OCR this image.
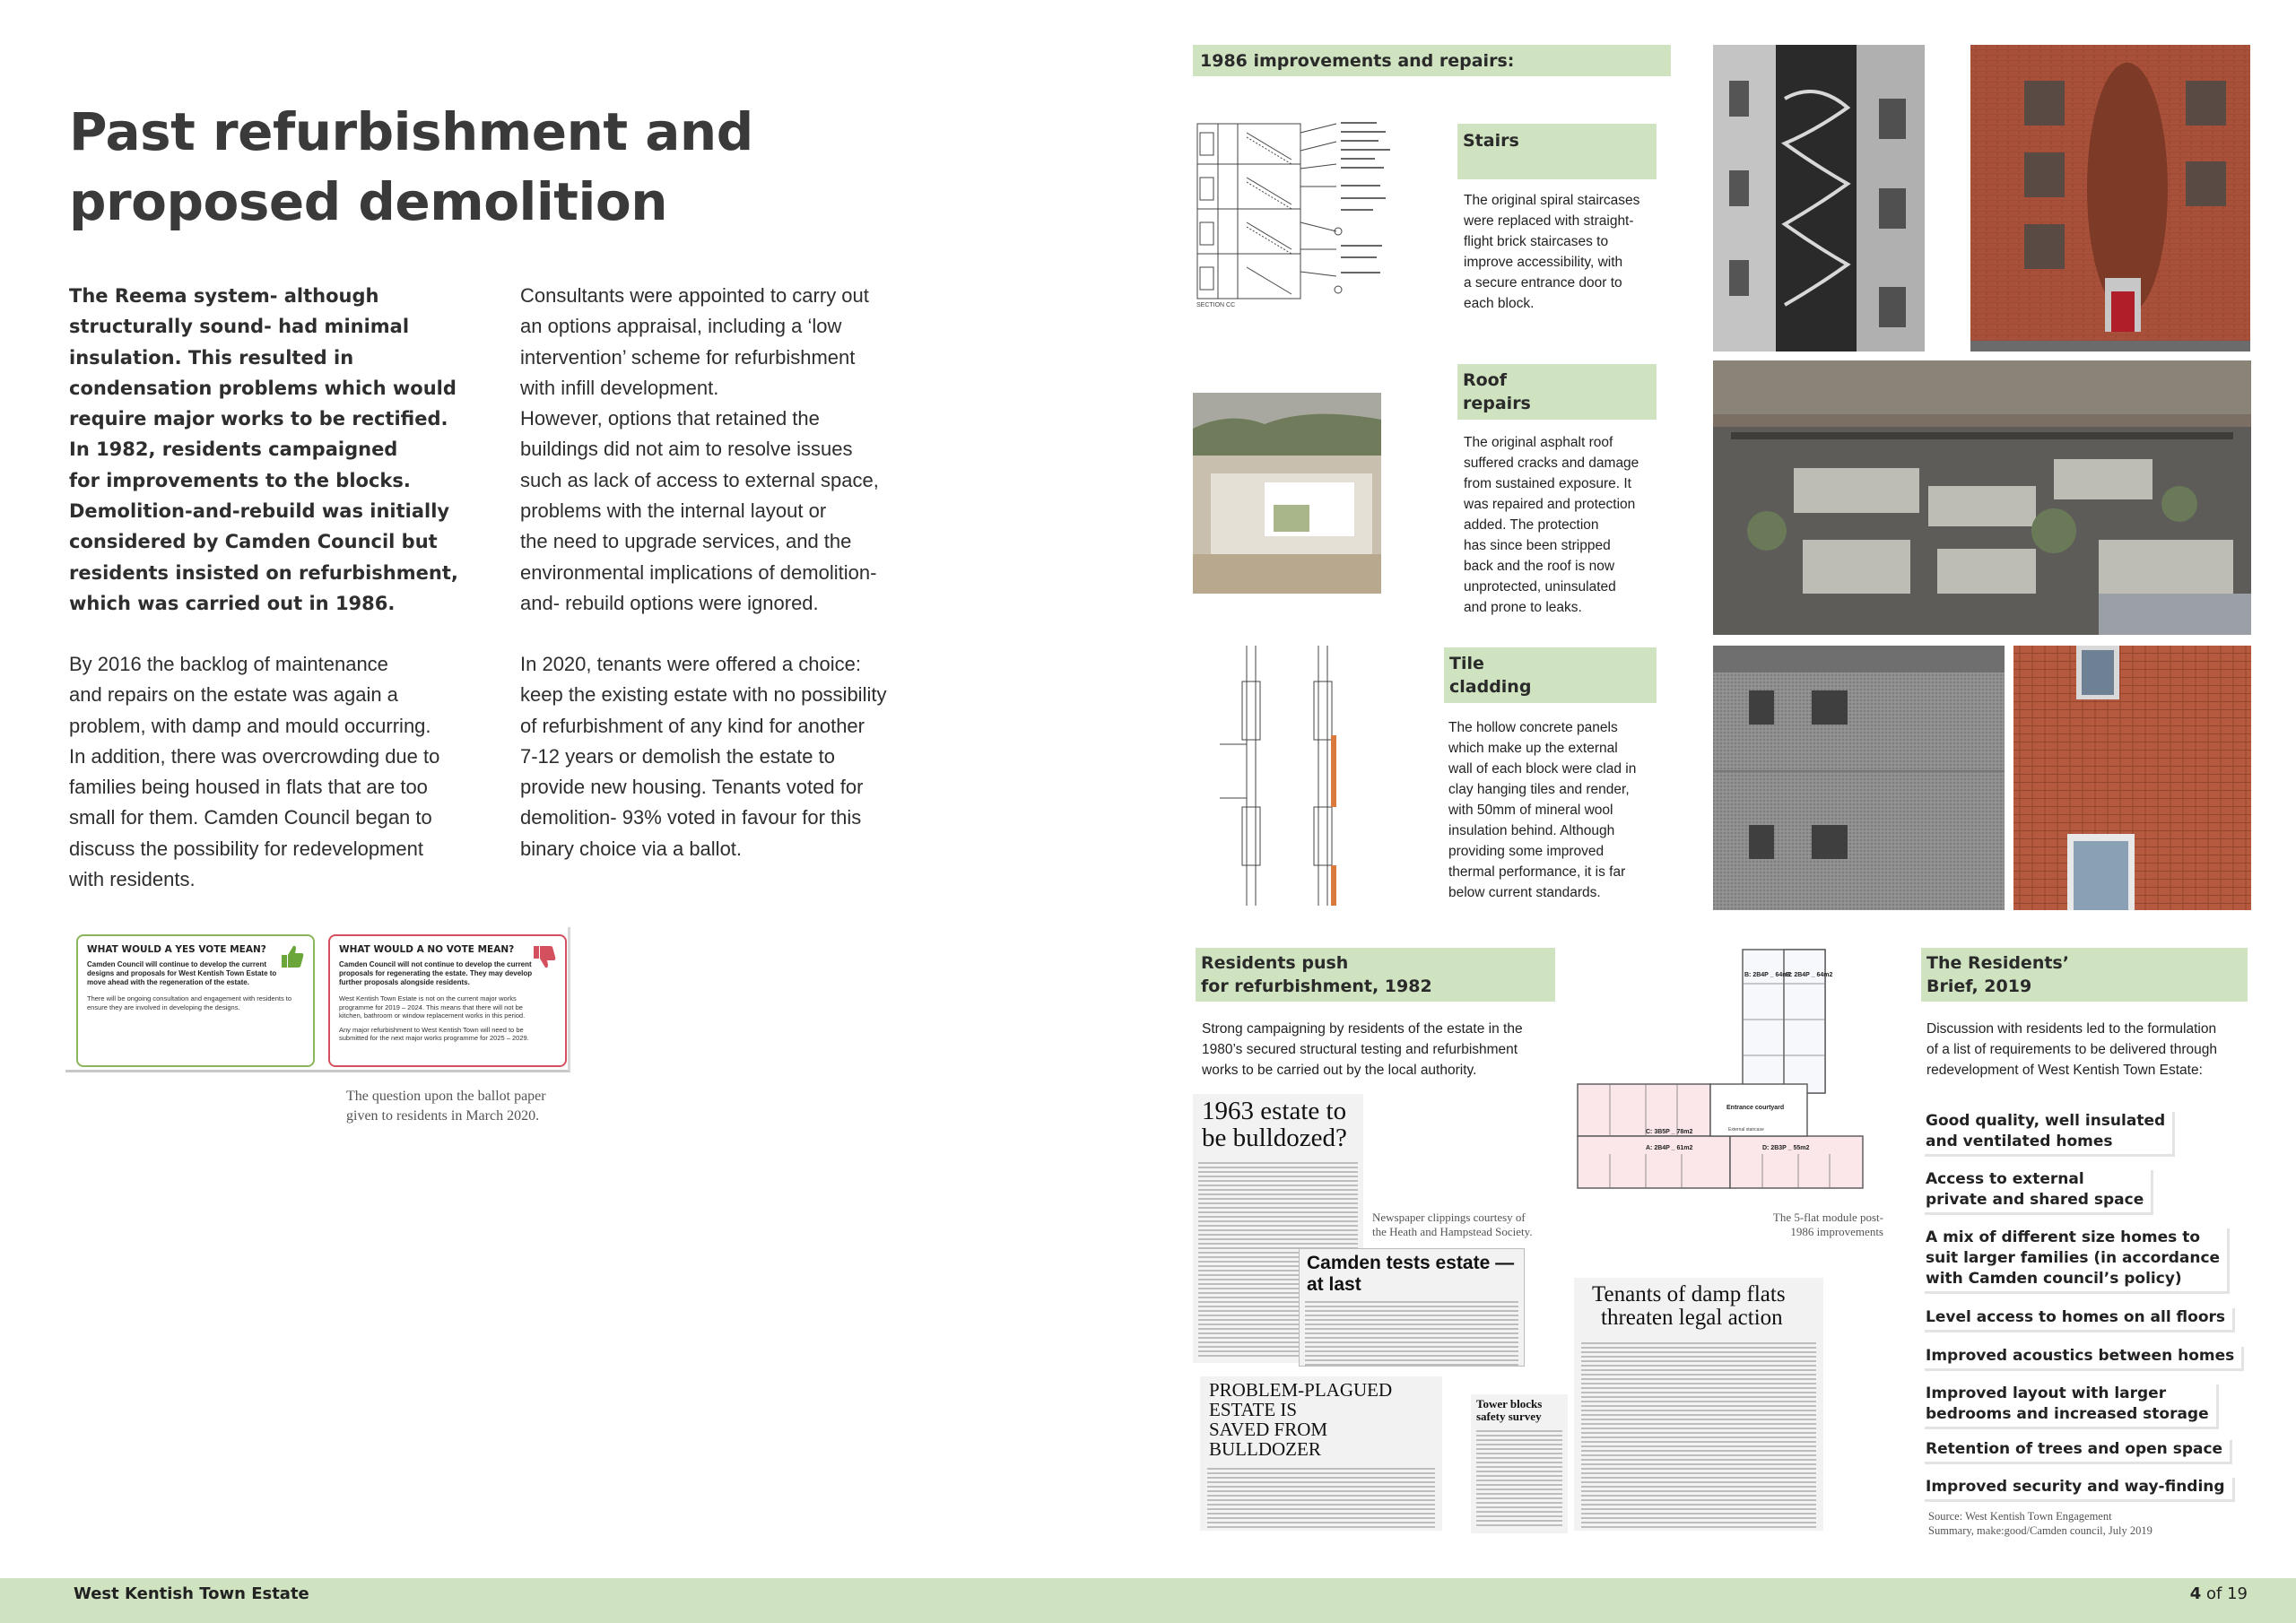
Past refurbishment and proposed demolition

The Reema system- although

structurally sound- had minimal

insulation. This resulted in

condensation problems which would

require major works to be rectified.

In 1982, residents campaigned

for improvements to the blocks.

Demolition-and-rebuild was initially

considered by Camden Council but

residents insisted on refurbishment,

which was carried out in 1986.

By 2016 the backlog of maintenance

and repairs on the estate was again a

problem, with damp and mould occurring.

In addition, there was overcrowding due to

families being housed in flats that are too

small for them. Camden Council began to

discuss the possibility for redevelopment

with residents.

Consultants were appointed to carry out

an options appraisal, including a ‘low

intervention’ scheme for refurbishment

with infill development.

However, options that retained the

buildings did not aim to resolve issues

such as lack of access to external space,

problems with the internal layout or

the need to upgrade services, and the

environmental implications of demolition-

and- rebuild options were ignored.

In 2020, tenants were offered a choice:

keep the existing estate with no possibility

of refurbishment of any kind for another

7-12 years or demolish the estate to

provide new housing. Tenants voted for

demolition- 93% voted in favour for this

binary choice via a ballot.

WHAT WOULD A YES VOTE MEAN?
Camden Council will continue to develop the current designs and proposals for West Kentish Town Estate to move ahead with the regeneration of the estate.
There will be ongoing consultation and engagement with residents to ensure they are involved in developing the designs.
WHAT WOULD A NO VOTE MEAN?
Camden Council will not continue to develop the current proposals for regenerating the estate. They may develop further proposals alongside residents.
West Kentish Town Estate is not on the current major works programme for 2019 – 2024. This means that there will not be kitchen, bathroom or window replacement works in this period.
Any major refurbishment to West Kentish Town will need to be submitted for the next major works programme for 2025 – 2029.
The question upon the ballot paper
given to residents in March 2020.
1986 improvements and repairs:
SECTION CC
Stairs
The original spiral staircases
were replaced with straight-
flight brick staircases to
improve accessibility, with
a secure entrance door to
each block.
Roof
repairs
The original asphalt roof
suffered cracks and damage
from sustained exposure. It
was repaired and protection
added. The protection
has since been stripped
back and the roof is now
unprotected, uninsulated
and prone to leaks.
Tile
cladding
The hollow concrete panels
which make up the external
wall of each block were clad in
clay hanging tiles and render,
with 50mm of mineral wool
insulation behind. Although
providing some improved
thermal performance, it is far
below current standards.
Residents push
for refurbishment, 1982
Strong campaigning by residents of the estate in the
1980’s secured structural testing and refurbishment
works to be carried out by the local authority.
1963 estate to
be bulldozed?
Camden tests estate — at last
Newspaper clippings courtesy of
the Heath and Hampstead Society.
PROBLEM-PLAGUED ESTATE IS
SAVED FROM BULLDOZER
Tower blocks
safety survey
Tenants of damp flats
threaten legal action
B: 2B4P _ 64m2
B: 2B4P _ 64m2
C: 3B5P _ 78m2
A: 2B4P _ 61m2	D: 2B3P _ 55m2
Entrance courtyard
External staircase
The 5-flat module post-
1986 improvements
The Residents’
Brief, 2019
Discussion with residents led to the formulation
of a list of requirements to be delivered through
redevelopment of West Kentish Town Estate:
Good quality, well insulated
and ventilated homes
Access to external
private and shared space
A mix of different size homes to
suit larger families (in accordance
with Camden council’s policy)
Level access to homes on all floors
Improved acoustics between homes
Improved layout with larger
bedrooms and increased storage
Retention of trees and open space
Improved security and way-finding
Source: West Kentish Town Engagement
Summary, make:good/Camden council, July 2019
West Kentish Town Estate	4 of 19
